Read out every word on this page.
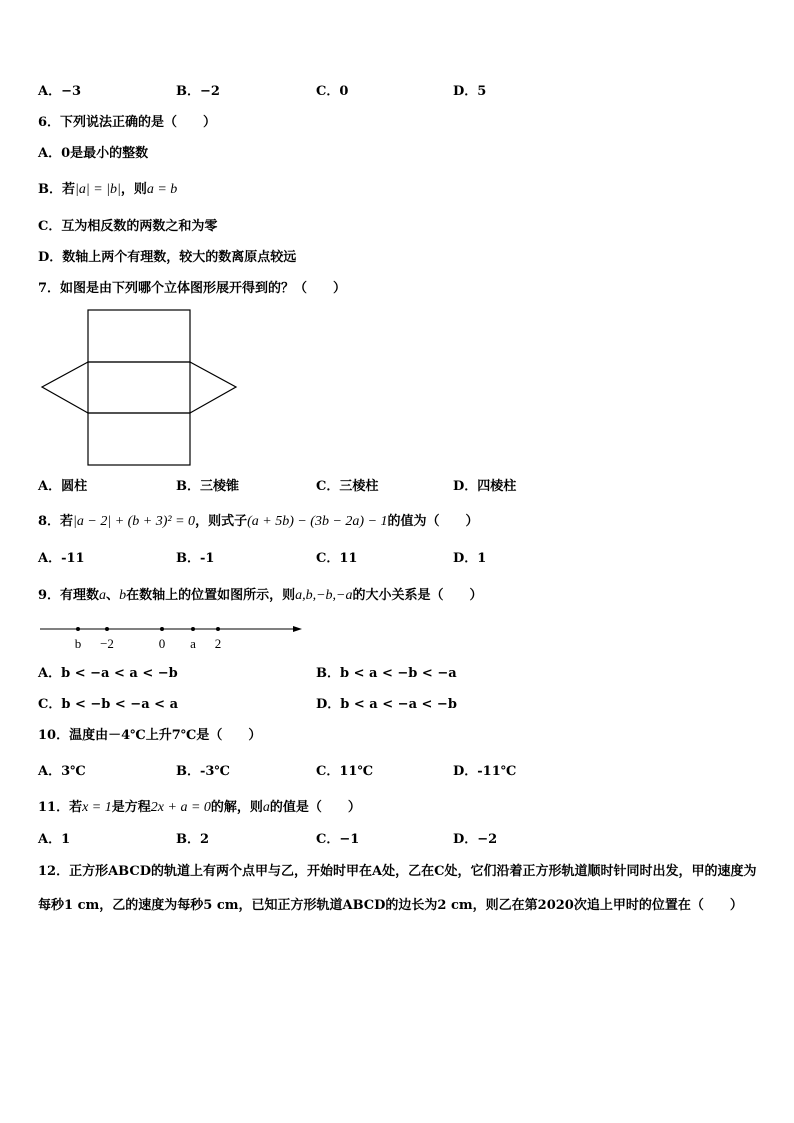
A．−3	B．−2	C．0	D．5
6．下列说法正确的是（　　）
A．0是最小的整数
B．若|a| = |b|，则a = b
C．互为相反数的两数之和为零
D．数轴上两个有理数，较大的数离原点较远
7．如图是由下列哪个立体图形展开得到的？（　　）
A．圆柱	B．三棱锥	C．三棱柱	D．四棱柱
8．若|a − 2| + (b + 3)² = 0，则式子(a + 5b) − (3b − 2a) − 1的值为（　　）
A．-11	B．-1	C．11	D．1
9．有理数a、b在数轴上的位置如图所示，则a,b,−b,−a的大小关系是（　　）
b −2	0 a 2
A．b < −a < a < −b	B．b < a < −b < −a
C．b < −b < −a < a	D．b < a < −a < −b
10．温度由－4℃上升7℃是（　　）
A．3℃	B．-3℃	C．11℃	D．-11℃
11．若x = 1是方程2x + a = 0的解，则a的值是（　　）
A．1	B．2	C．−1	D．−2
12．正方形ABCD的轨道上有两个点甲与乙，开始时甲在A处，乙在C处，它们沿着正方形轨道顺时针同时出发，甲的速度为每秒1 cm，乙的速度为每秒5 cm，已知正方形轨道ABCD的边长为2 cm，则乙在第2020次追上甲时的位置在（　　）
